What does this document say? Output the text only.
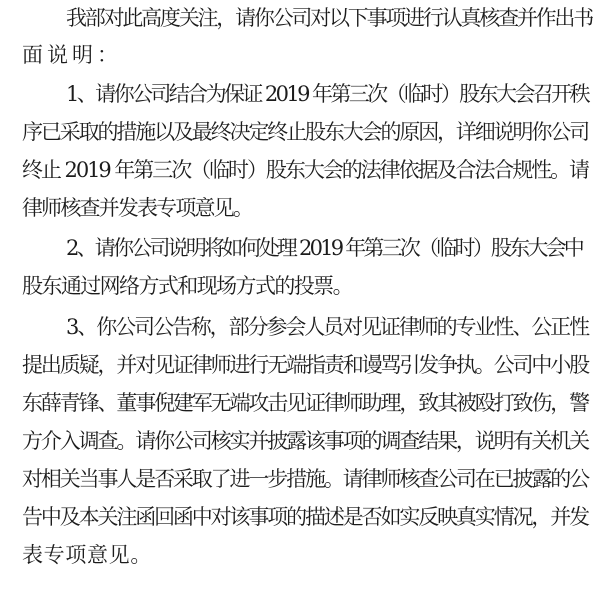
我部对此高度关注，请你公司对以下事项进行认真核查并作出书
面说明：
1、请你公司结合为保证 2019 年第三次（临时）股东大会召开秩
序已采取的措施以及最终决定终止股东大会的原因，详细说明你公司
终止 2019 年第三次（临时）股东大会的法律依据及合法合规性。请
律师核查并发表专项意见。
2、请你公司说明将如何处理 2019 年第三次（临时）股东大会中
股东通过网络方式和现场方式的投票。
3、你公司公告称，部分参会人员对见证律师的专业性、公正性
提出质疑，并对见证律师进行无端指责和谩骂引发争执。公司中小股
东薛青锋、董事倪建军无端攻击见证律师助理，致其被殴打致伤，警
方介入调查。请你公司核实并披露该事项的调查结果，说明有关机关
对相关当事人是否采取了进一步措施。请律师核查公司在已披露的公
告中及本关注函回函中对该事项的描述是否如实反映真实情况，并发
表专项意见。
